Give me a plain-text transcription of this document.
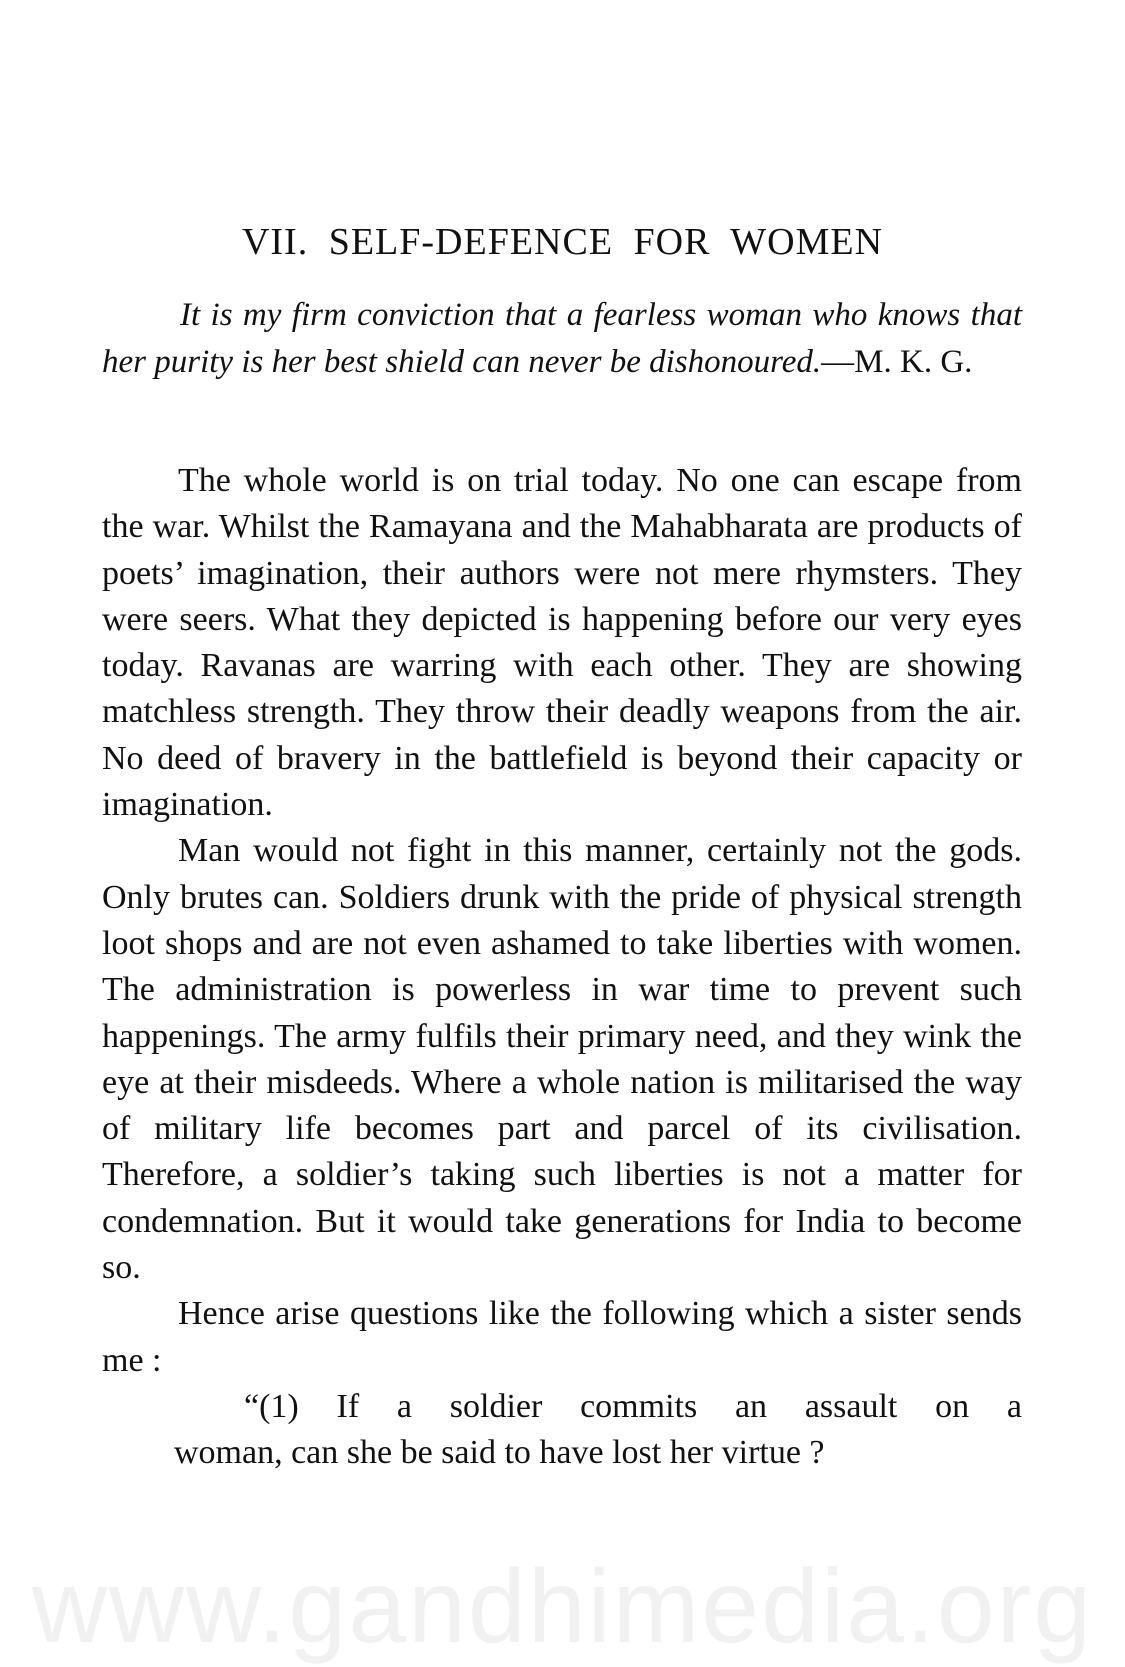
VII. SELF-DEFENCE FOR WOMEN
It is my firm conviction that a fearless woman who knows that her purity is her best shield can never be dishonoured.—M. K. G.

The whole world is on trial today. No one can escape from the war. Whilst the Ramayana and the Mahabharata are products of poets’ imagination, their authors were not mere rhymsters. They were seers. What they depicted is happening before our very eyes today. Ravanas are warring with each other. They are showing matchless strength. They throw their deadly weapons from the air. No deed of bravery in the battlefield is beyond their capacity or imagination.

Man would not fight in this manner, certainly not the gods. Only brutes can. Soldiers drunk with the pride of physical strength loot shops and are not even ashamed to take liberties with women. The administration is powerless in war time to prevent such happenings. The army fulfils their primary need, and they wink the eye at their misdeeds. Where a whole nation is militarised the way of military life becomes part and parcel of its civilisation. Therefore, a soldier’s taking such liberties is not a matter for condemnation. But it would take generations for India to become so.

Hence arise questions like the following which a sister sends me :

“(1) If a soldier commits an assault on a

woman, can she be said to have lost her virtue ?

www.gandhimedia.org
